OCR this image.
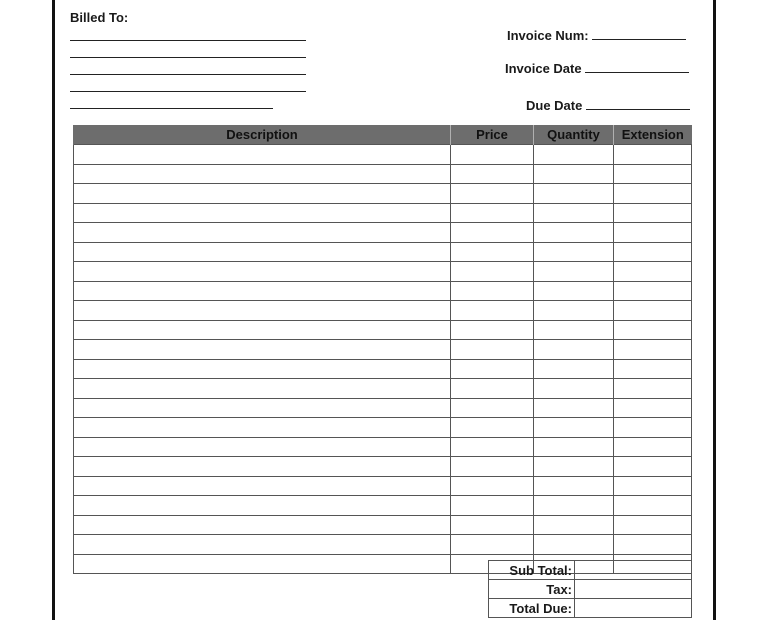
Billed To:
Invoice Num:
Invoice Date
Due Date
Description	Price	Quantity	Extension

Sub Total:	
Tax:	
Total Due:	
